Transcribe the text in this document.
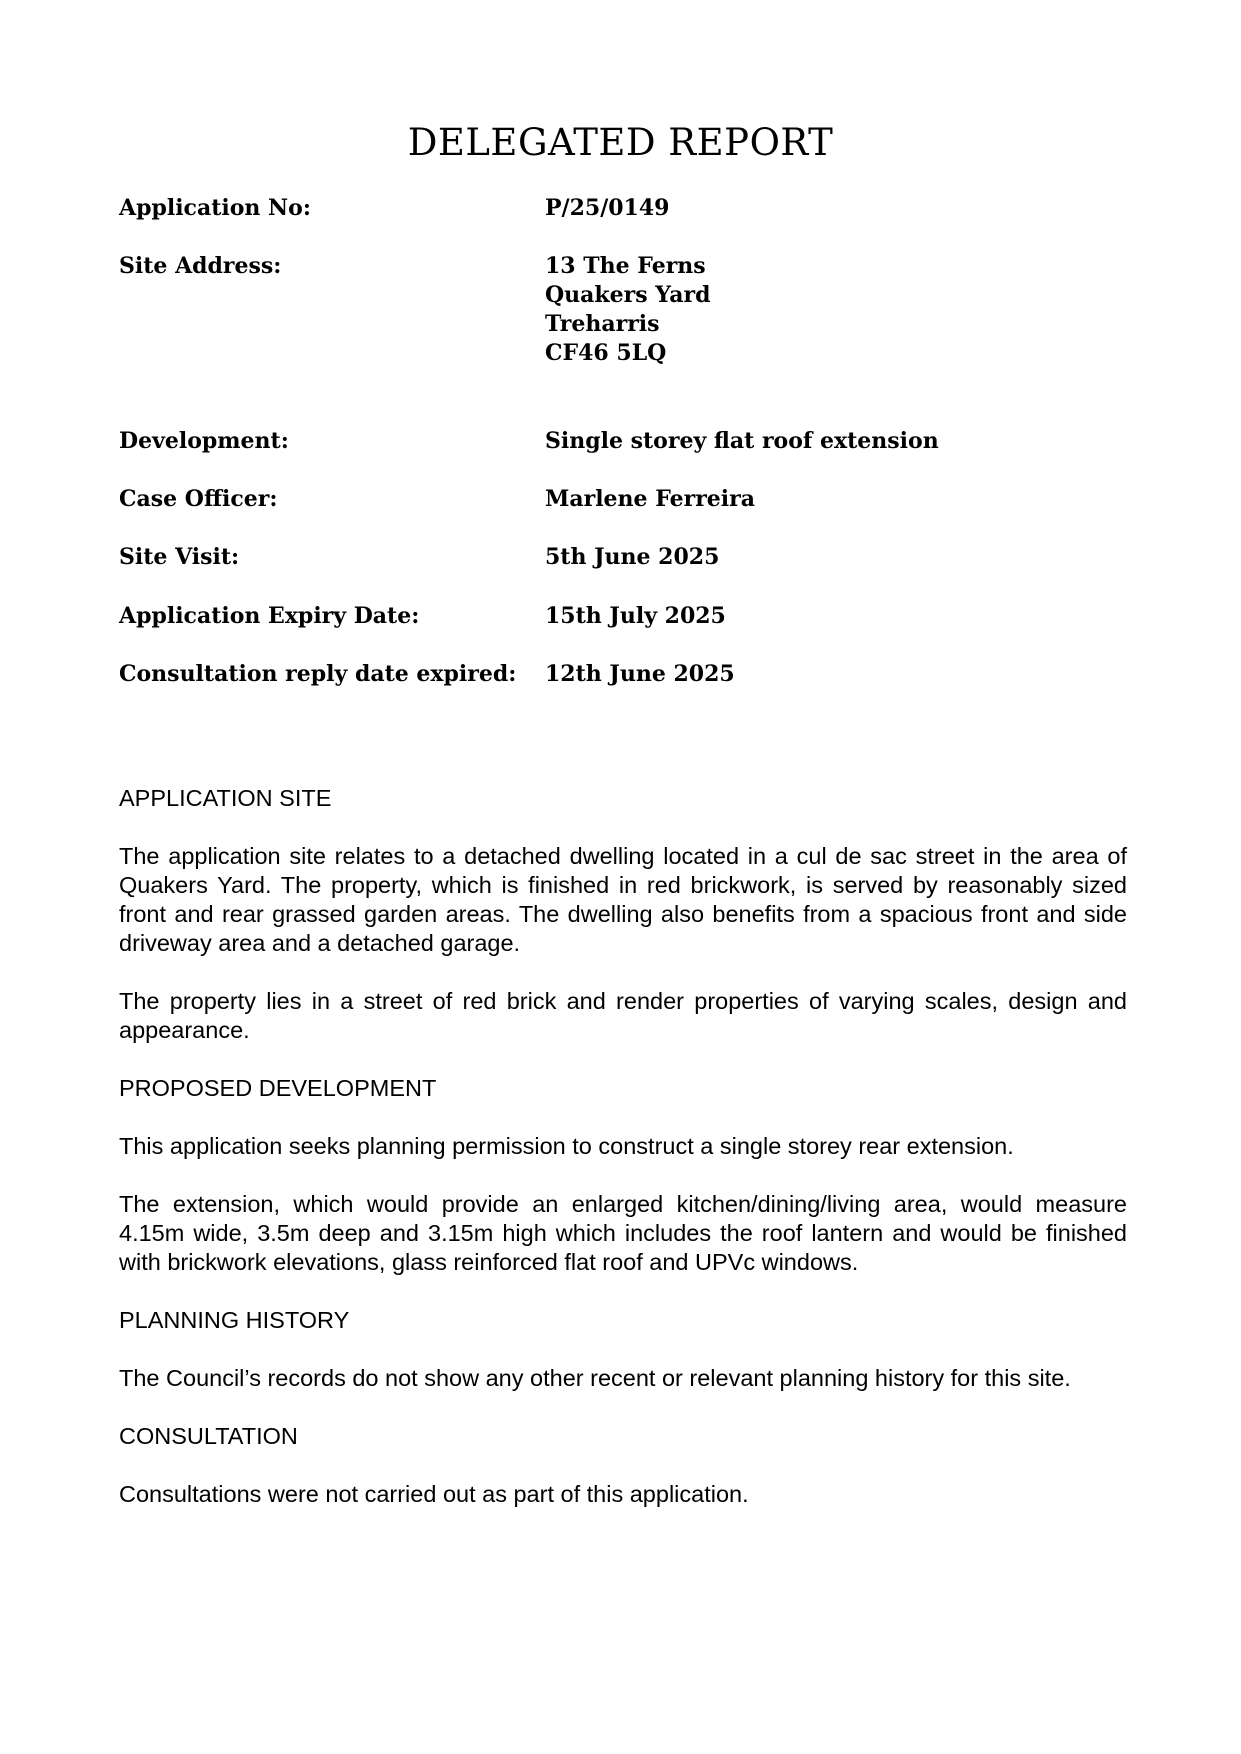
DELEGATED REPORT
Application No:	P/25/0149
Site Address:	13 The Ferns
Quakers Yard
Treharris
CF46 5LQ
Development:	Single storey flat roof extension
Case Officer:	Marlene Ferreira
Site Visit:	5th June 2025
Application Expiry Date:	15th July 2025
Consultation reply date expired:	12th June 2025
APPLICATION SITE

The application site relates to a detached dwelling located in a cul de sac street in the area of Quakers Yard. The property, which is finished in red brickwork, is served by reasonably sized front and rear grassed garden areas. The dwelling also benefits from a spacious front and side driveway area and a detached garage.

The property lies in a street of red brick and render properties of varying scales, design and appearance.

PROPOSED DEVELOPMENT

This application seeks planning permission to construct a single storey rear extension.

The extension, which would provide an enlarged kitchen/dining/living area, would measure 4.15m wide, 3.5m deep and 3.15m high which includes the roof lantern and would be finished with brickwork elevations, glass reinforced flat roof and UPVc windows.

PLANNING HISTORY

The Council’s records do not show any other recent or relevant planning history for this site.

CONSULTATION

Consultations were not carried out as part of this application.
